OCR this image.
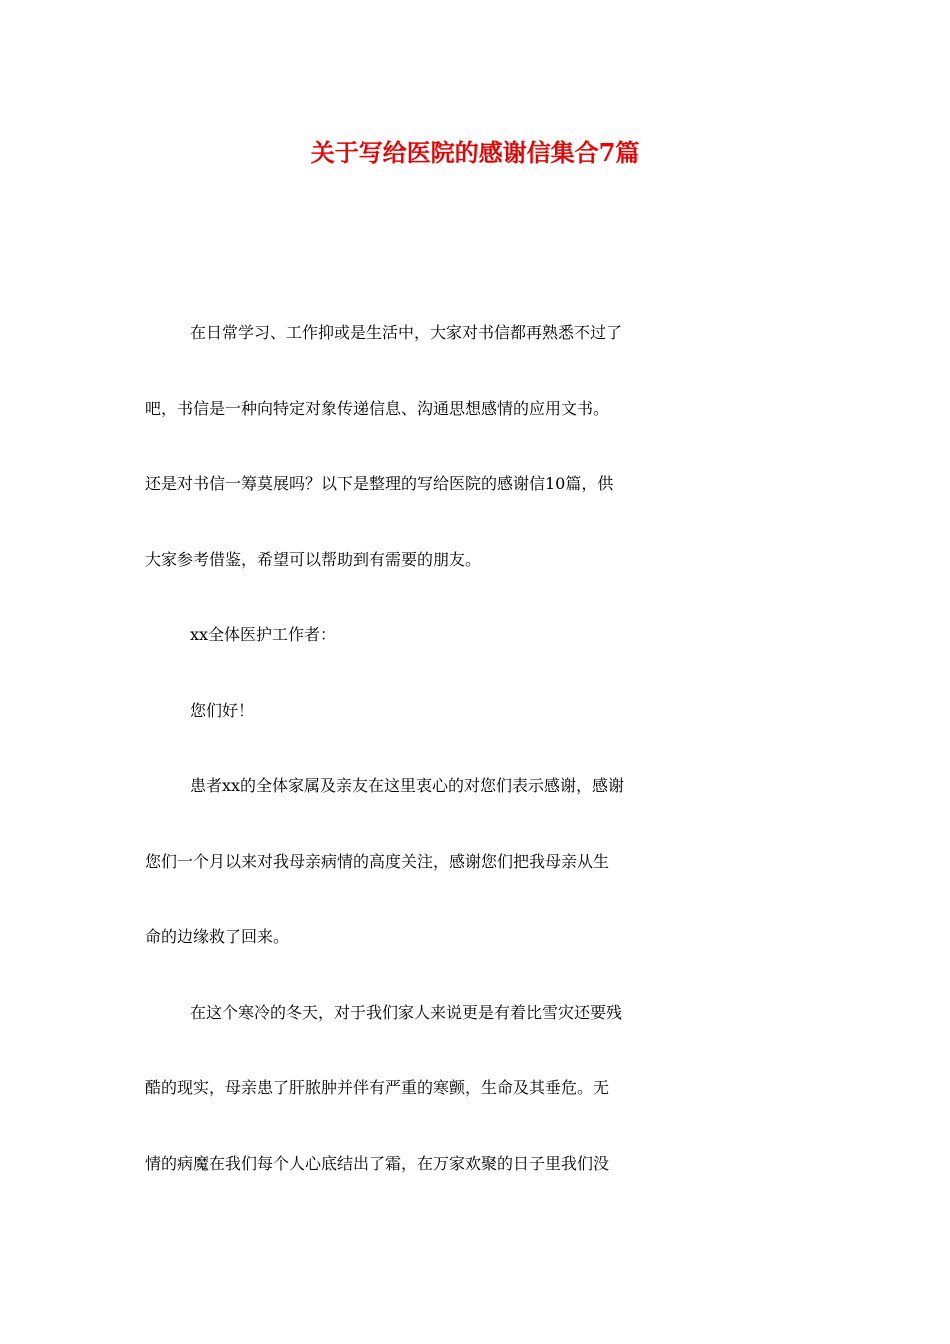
关于写给医院的感谢信集合7篇
在日常学习、工作抑或是生活中，大家对书信都再熟悉不过了
吧，书信是一种向特定对象传递信息、沟通思想感情的应用文书。
还是对书信一筹莫展吗？以下是整理的写给医院的感谢信10篇，供
大家参考借鉴，希望可以帮助到有需要的朋友。
xx全体医护工作者：
您们好！
患者xx的全体家属及亲友在这里衷心的对您们表示感谢，感谢
您们一个月以来对我母亲病情的高度关注，感谢您们把我母亲从生
命的边缘救了回来。
在这个寒冷的冬天，对于我们家人来说更是有着比雪灾还要残
酷的现实，母亲患了肝脓肿并伴有严重的寒颤，生命及其垂危。无
情的病魔在我们每个人心底结出了霜，在万家欢聚的日子里我们没
